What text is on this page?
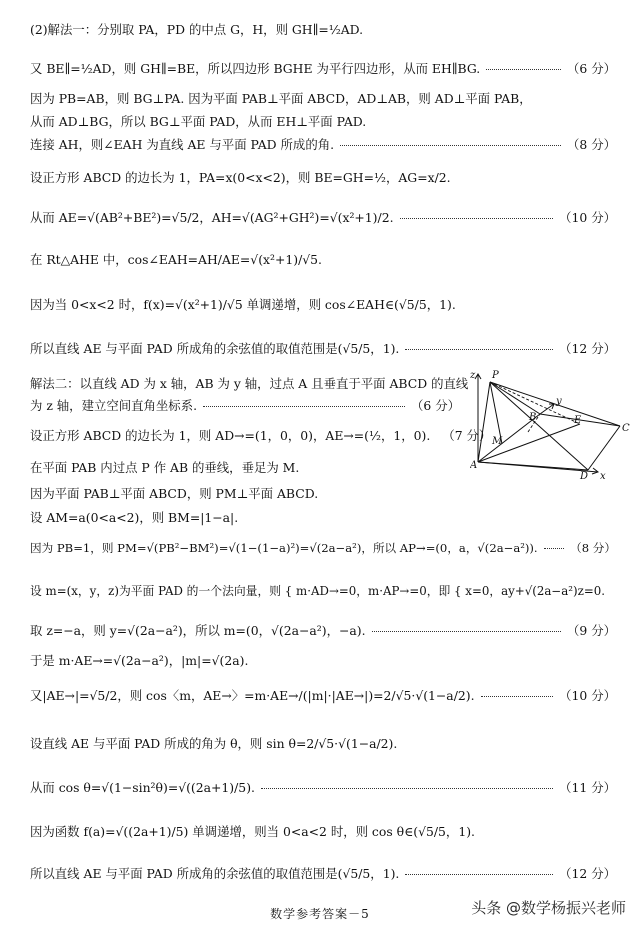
(2)解法一：分别取 PA，PD 的中点 G，H，则 GH∥=½AD.
又 BE∥=½AD，则 GH∥=BE，所以四边形 BGHE 为平行四边形，从而 EH∥BG.	（6 分）
因为 PB=AB，则 BG⊥PA. 因为平面 PAB⊥平面 ABCD，AD⊥AB，则 AD⊥平面 PAB，
从而 AD⊥BG，所以 BG⊥平面 PAD，从而 EH⊥平面 PAD.
连接 AH，则∠EAH 为直线 AE 与平面 PAD 所成的角.	（8 分）
设正方形 ABCD 的边长为 1，PA=x(0<x<2)，则 BE=GH=½，AG=x/2.
从而 AE=√(AB²+BE²)=√5/2，AH=√(AG²+GH²)=√(x²+1)/2.	（10 分）
在 Rt△AHE 中，cos∠EAH=AH/AE=√(x²+1)/√5.
因为当 0<x<2 时，f(x)=√(x²+1)/√5 单调递增，则 cos∠EAH∈(√5/5，1).
所以直线 AE 与平面 PAD 所成角的余弦值的取值范围是(√5/5，1).	（12 分）
解法二：以直线 AD 为 x 轴，AB 为 y 轴，过点 A 且垂直于平面 ABCD 的直线
为 z 轴，建立空间直角坐标系.	（6 分）
设正方形 ABCD 的边长为 1，则 AD→=(1，0，0)，AE→=(½，1，0). （7 分）
在平面 PAB 内过点 P 作 AB 的垂线，垂足为 M.
因为平面 PAB⊥平面 ABCD，则 PM⊥平面 ABCD.
设 AM=a(0<a<2)，则 BM=|1−a|.
因为 PB=1，则 PM=√(PB²−BM²)=√(1−(1−a)²)=√(2a−a²)，所以 AP→=(0，a，√(2a−a²)).	（8 分）
设 m=(x，y，z)为平面 PAD 的一个法向量，则 { m·AD→=0，m·AP→=0，即 { x=0，ay+√(2a−a²)z=0.
取 z=−a，则 y=√(2a−a²)，所以 m=(0，√(2a−a²)，−a).	（9 分）
于是 m·AE→=√(2a−a²)，|m|=√(2a).
又|AE→|=√5/2，则 cos〈m，AE→〉=m·AE→/(|m|·|AE→|)=2/√5·√(1−a/2).	（10 分）
设直线 AE 与平面 PAD 所成的角为 θ，则 sin θ=2/√5·√(1−a/2).
从而 cos θ=√(1−sin²θ)=√((2a+1)/5).	（11 分）
因为函数 f(a)=√((2a+1)/5) 单调递增，则当 0<a<2 时，则 cos θ∈(√5/5，1).
所以直线 AE 与平面 PAD 所成角的余弦值的取值范围是(√5/5，1).	（12 分）
z P
y
B	E
C
M
A
D x
数学参考答案－5	头条 @数学杨振兴老师
